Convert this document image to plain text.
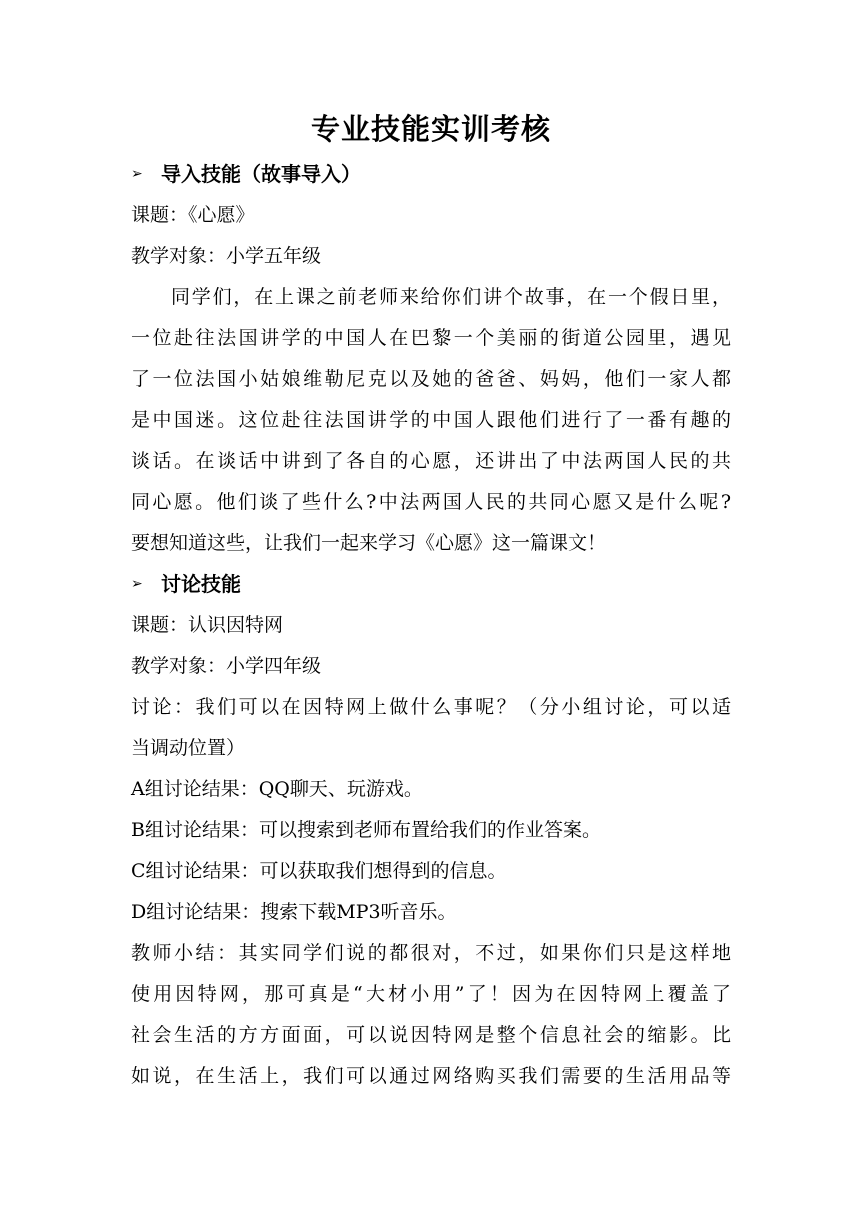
专业技能实训考核
➢ 导入技能（故事导入）
课题：《心愿》
教学对象：小学五年级
同学们，在上课之前老师来给你们讲个故事，在一个假日里，
一位赴往法国讲学的中国人在巴黎一个美丽的街道公园里，遇见
了一位法国小姑娘维勒尼克以及她的爸爸、妈妈，他们一家人都
是中国迷。这位赴往法国讲学的中国人跟他们进行了一番有趣的
谈话。在谈话中讲到了各自的心愿，还讲出了中法两国人民的共
同心愿。他们谈了些什么?中法两国人民的共同心愿又是什么呢?
要想知道这些，让我们一起来学习《心愿》这一篇课文！
➢ 讨论技能
课题：认识因特网
教学对象：小学四年级
讨论：我们可以在因特网上做什么事呢？（分小组讨论，可以适
当调动位置）
A组讨论结果：QQ聊天、玩游戏。
B组讨论结果：可以搜索到老师布置给我们的作业答案。
C组讨论结果：可以获取我们想得到的信息。
D组讨论结果：搜索下载MP3听音乐。
教师小结：其实同学们说的都很对，不过，如果你们只是这样地
使用因特网，那可真是“大材小用”了！因为在因特网上覆盖了
社会生活的方方面面，可以说因特网是整个信息社会的缩影。比
如说，在生活上，我们可以通过网络购买我们需要的生活用品等
